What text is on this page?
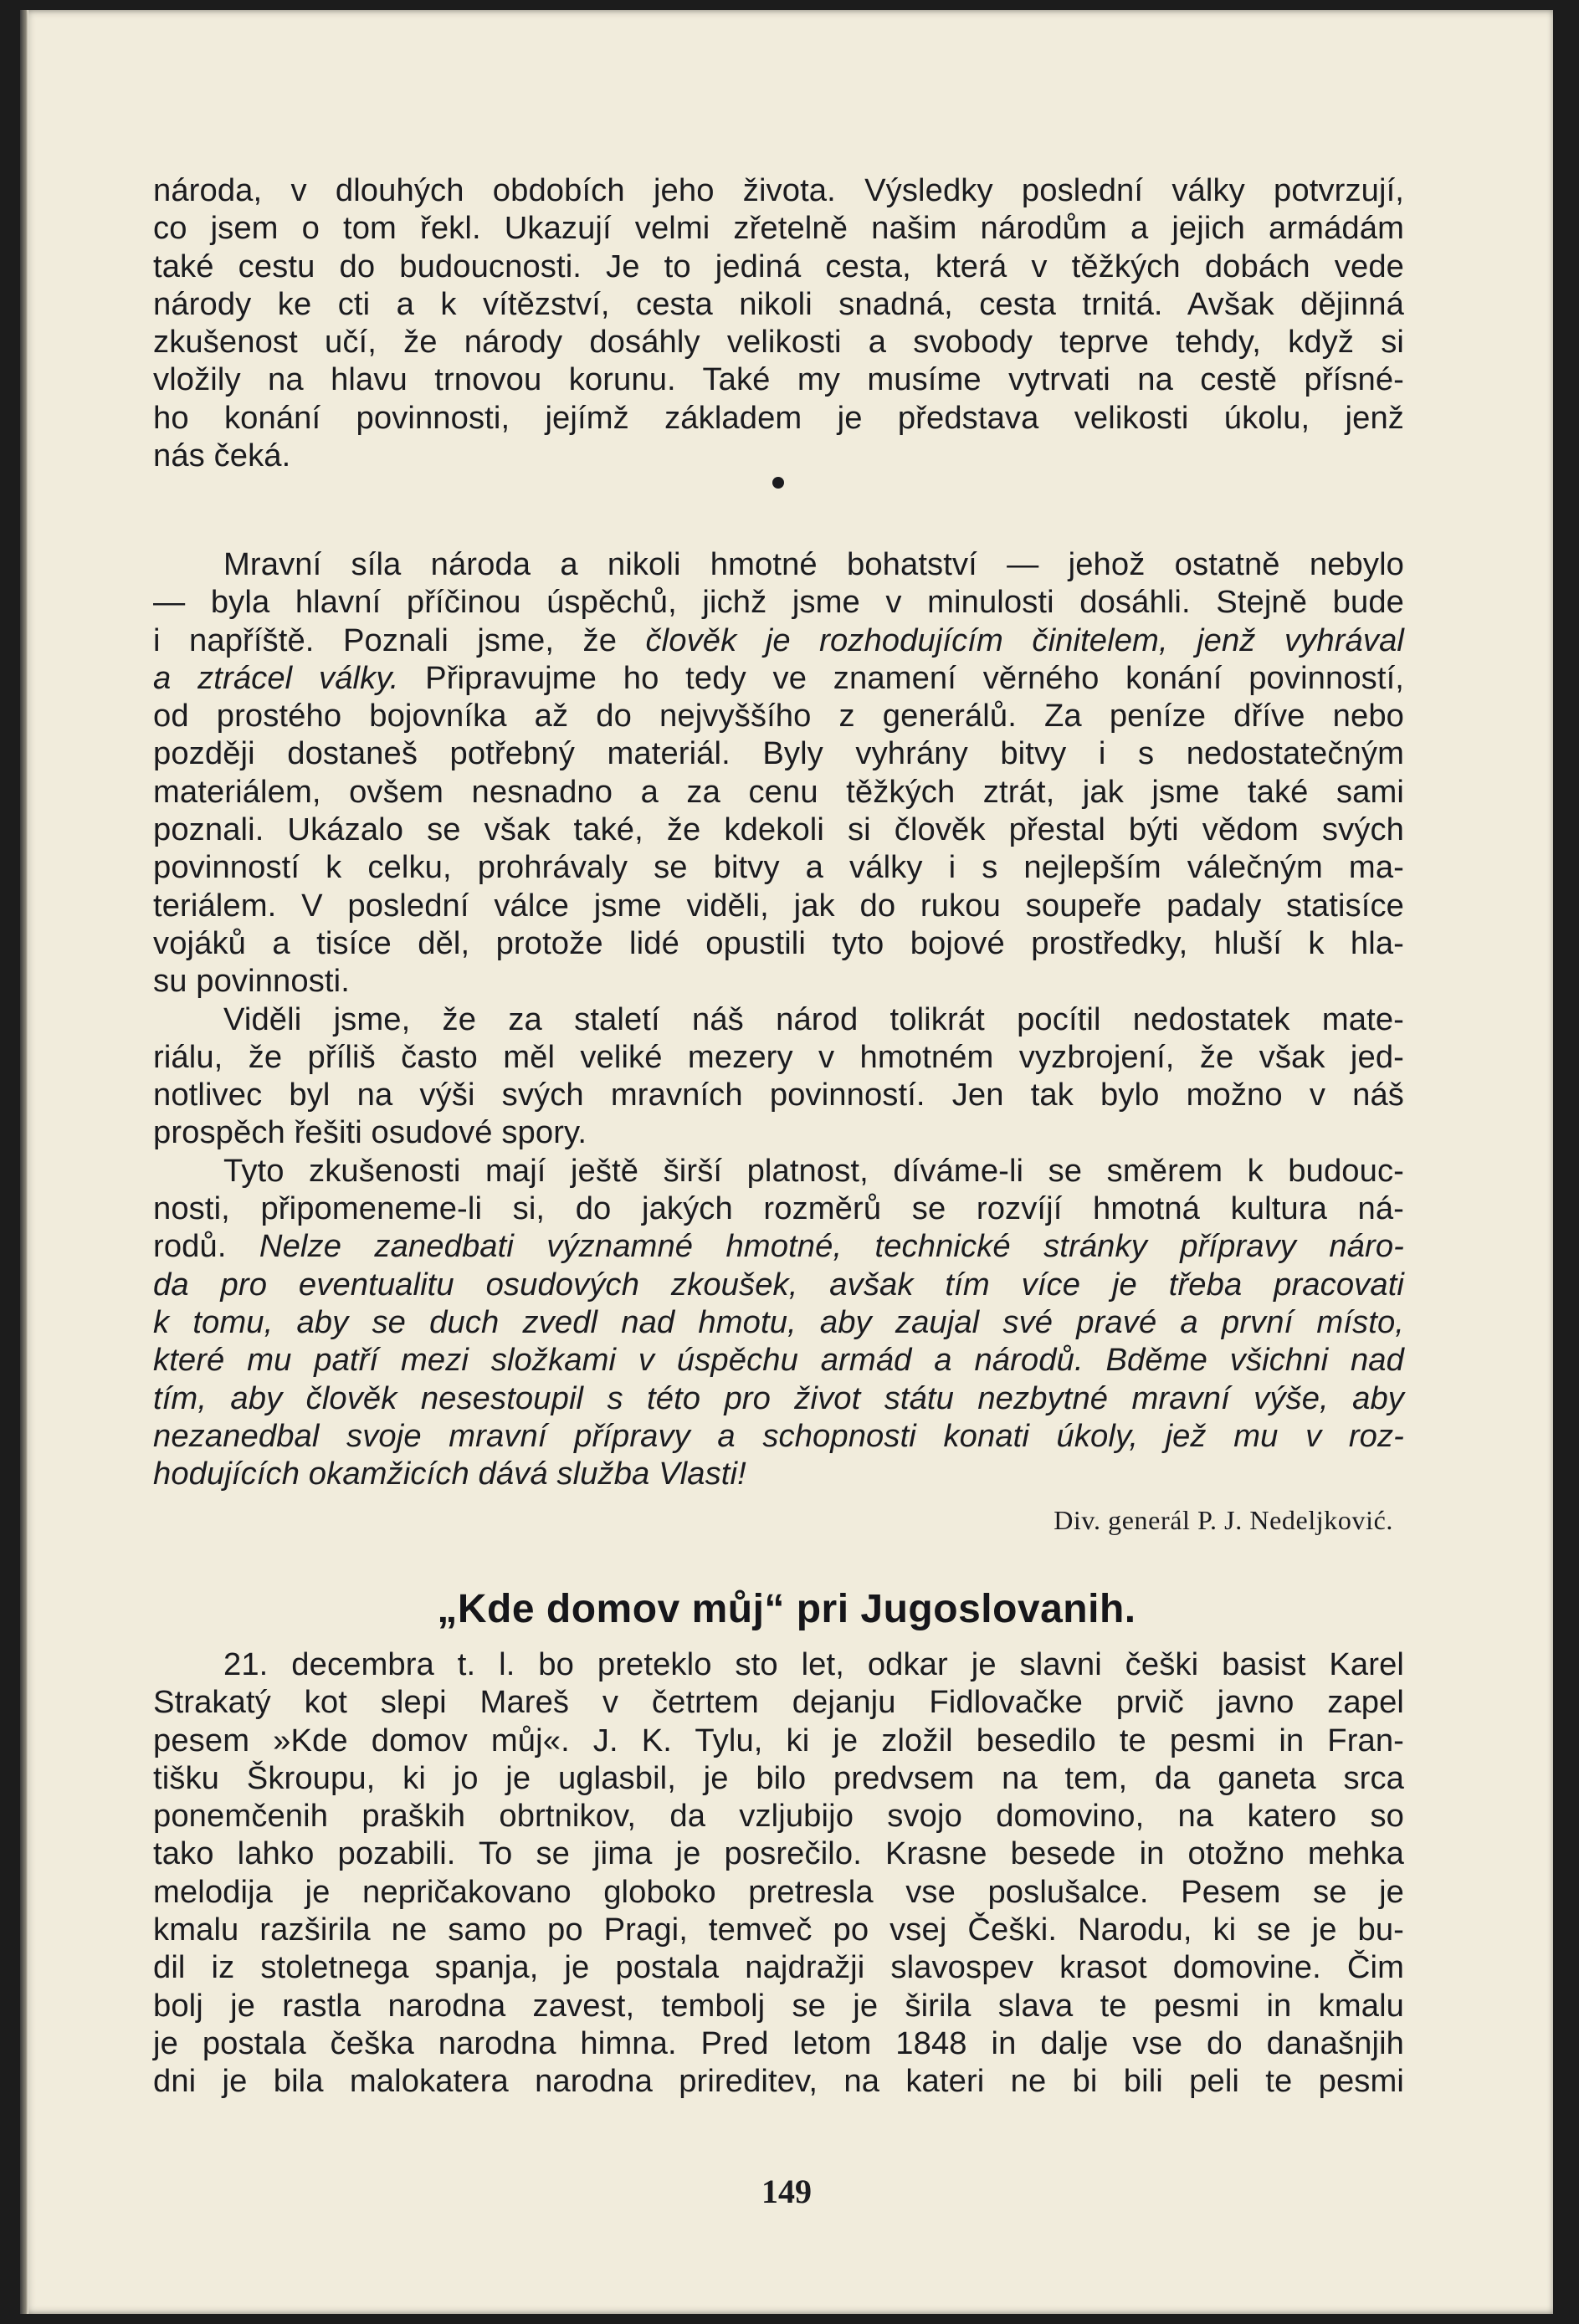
národa, v dlouhých obdobích jeho života. Výsledky poslední války potvrzují,

co jsem o tom řekl. Ukazují velmi zřetelně našim národům a jejich armádám

také cestu do budoucnosti. Je to jediná cesta, která v těžkých dobách vede

národy ke cti a k vítězství, cesta nikoli snadná, cesta trnitá. Avšak dějinná

zkušenost učí, že národy dosáhly velikosti a svobody teprve tehdy, když si

vložily na hlavu trnovou korunu. Také my musíme vytrvati na cestě přísné-

ho konání povinnosti, jejímž základem je představa velikosti úkolu, jenž

nás čeká.

Mravní síla národa a nikoli hmotné bohatství — jehož ostatně nebylo

— byla hlavní příčinou úspěchů, jichž jsme v minulosti dosáhli. Stejně bude

i napříště. Poznali jsme, že člověk je rozhodujícím činitelem, jenž vyhrával

a ztrácel války. Připravujme ho tedy ve znamení věrného konání povinností,

od prostého bojovníka až do nejvyššího z generálů. Za peníze dříve nebo

později dostaneš potřebný materiál. Byly vyhrány bitvy i s nedostatečným

materiálem, ovšem nesnadno a za cenu těžkých ztrát, jak jsme také sami

poznali. Ukázalo se však také, že kdekoli si člověk přestal býti vědom svých

povinností k celku, prohrávaly se bitvy a války i s nejlepším válečným ma-

teriálem. V poslední válce jsme viděli, jak do rukou soupeře padaly statisíce

vojáků a tisíce děl, protože lidé opustili tyto bojové prostředky, hluší k hla-

su povinnosti.

Viděli jsme, že za staletí náš národ tolikrát pocítil nedostatek mate-

riálu, že příliš často měl veliké mezery v hmotném vyzbrojení, že však jed-

notlivec byl na výši svých mravních povinností. Jen tak bylo možno v náš

prospěch řešiti osudové spory.

Tyto zkušenosti mají ještě širší platnost, díváme-li se směrem k budouc-

nosti, připomeneme-li si, do jakých rozměrů se rozvíjí hmotná kultura ná-

rodů. Nelze zanedbati významné hmotné, technické stránky přípravy náro-

da pro eventualitu osudových zkoušek, avšak tím více je třeba pracovati

k tomu, aby se duch zvedl nad hmotu, aby zaujal své pravé a první místo,

které mu patří mezi složkami v úspěchu armád a národů. Bděme všichni nad

tím, aby člověk nesestoupil s této pro život státu nezbytné mravní výše, aby

nezanedbal svoje mravní přípravy a schopnosti konati úkoly, jež mu v roz-

hodujících okamžicích dává služba Vlasti!

Div. generál P. J. Nedeljković.
„Kde domov můj“ pri Jugoslovanih.

21. decembra t. l. bo preteklo sto let, odkar je slavni češki basist Karel

Strakatý kot slepi Mareš v četrtem dejanju Fidlovačke prvič javno zapel

pesem »Kde domov můj«. J. K. Tylu, ki je zložil besedilo te pesmi in Fran-

tišku Škroupu, ki jo je uglasbil, je bilo predvsem na tem, da ganeta srca

ponemčenih praških obrtnikov, da vzljubijo svojo domovino, na katero so

tako lahko pozabili. To se jima je posrečilo. Krasne besede in otožno mehka

melodija je nepričakovano globoko pretresla vse poslušalce. Pesem se je

kmalu razširila ne samo po Pragi, temveč po vsej Češki. Narodu, ki se je bu-

dil iz stoletnega spanja, je postala najdražji slavospev krasot domovine. Čim

bolj je rastla narodna zavest, tembolj se je širila slava te pesmi in kmalu

je postala češka narodna himna. Pred letom 1848 in dalje vse do današnjih

dni je bila malokatera narodna prireditev, na kateri ne bi bili peli te pesmi

149
